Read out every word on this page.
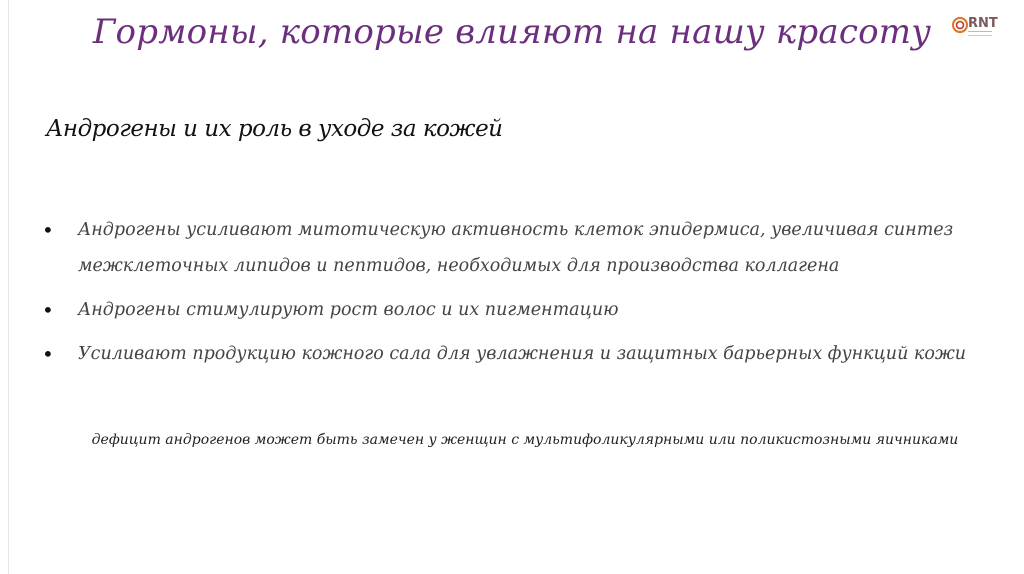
Гормоны, которые влияют на нашу красоту	RNT
Андрогены и их роль в уходе за кожей
• Андрогены усиливают митотическую активность клеток эпидермиса, увеличивая синтез межклеточных липидов и пептидов, необходимых для производства коллагена
• Андрогены стимулируют рост волос и их пигментацию
• Усиливают продукцию кожного сала для увлажнения и защитных барьерных функций кожи
дефицит андрогенов может быть замечен у женщин с мультифоликулярными или поликистозными яичниками
